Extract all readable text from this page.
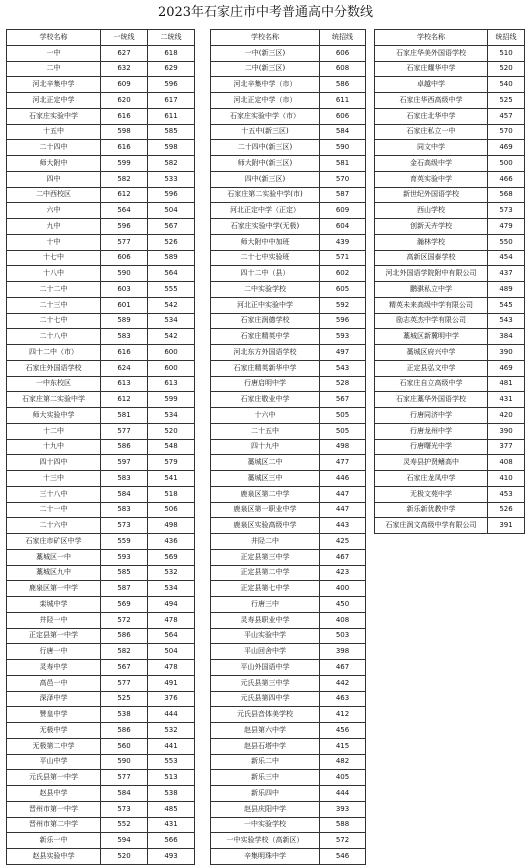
2023年石家庄市中考普通高中分数线
学校名称	一统线	二统线
一中	627	618
二中	632	629
河北辛集中学	609	596
河北正定中学	620	617
石家庄实验中学	616	611
十五中	598	585
二十四中	616	598
师大附中	599	582
四中	582	533
二中西校区	612	596
六中	564	504
九中	596	567
十中	577	526
十七中	606	589
十八中	590	564
二十二中	603	555
二十三中	601	542
二十七中	589	534
二十八中	583	542
四十二中（市）	616	600
石家庄外国语学校	624	600
一中东校区	613	613
石家庄第二实验中学	612	599
师大实验中学	581	534
十二中	577	520
十九中	586	548
四十四中	597	579
十三中	583	541
三十八中	584	518
二十一中	583	506
二十六中	573	498
石家庄市矿区中学	559	436
藁城区一中	593	569
藁城区九中	585	532
鹿泉区第一中学	587	534
栾城中学	569	494
井陉一中	572	478
正定县第一中学	586	564
行唐一中	582	504
灵寿中学	567	478
高邑一中	577	491
深泽中学	525	376
赞皇中学	538	444
无极中学	586	532
无极第二中学	560	441
平山中学	590	553
元氏县第一中学	577	513
赵县中学	584	538
晋州市第一中学	573	485
晋州市第二中学	552	431
新乐一中	594	566
赵县实验中学	520	493
学校名称	统招线
一中(新三区)	606
二中(新三区)	608
河北辛集中学（市）	586
河北正定中学（市）	611
石家庄实验中学（市）	606
十五中(新三区)	584
二十四中(新三区)	590
师大附中(新三区)	581
四中(新三区)	570
石家庄第二实验中学(市)	587
河北正定中学（正定）	609
石家庄实验中学(无极)	604
师大附中中加班	439
二十七中实验班	571
四十二中（县）	602
二中实验学校	605
河北正中实验中学	592
石家庄润德学校	596
石家庄精英中学	593
河北东方外国语学校	497
石家庄精英新华中学	543
行唐启明中学	528
石家庄敬业中学	567
十六中	505
二十五中	505
四十九中	498
藁城区二中	477
藁城区三中	446
鹿泉区第二中学	447
鹿泉区第一职业中学	447
鹿泉区实验高级中学	443
井陉二中	425
正定县第三中学	467
正定县第二中学	423
正定县第七中学	400
行唐三中	450
灵寿县职业中学	408
平山实验中学	503
平山回舍中学	398
平山外国语中学	467
元氏县第三中学	442
元氏县第四中学	463
元氏县音体美学校	412
赵县第六中学	456
赵县石塔中学	415
新乐二中	482
新乐三中	405
新乐四中	444
赵县庆阳中学	393
一中实验学校	588
一中实验学校（高新区）	572
辛集明珠中学	546
学校名称	统招线
石家庄华美外国语学校	510
石家庄耀华中学	520
卓越中学	540
石家庄华西高级中学	525
石家庄北华中学	457
石家庄私立一中	570
同文中学	469
金石高级中学	500
育英实验中学	466
新世纪外国语学校	568
西山学校	573
创新天卉学校	479
瀚林学校	550
高新区国泰学校	454
河北外国语学院附中有限公司	437
鹏骐私立中学	489
精英未来高级中学有限公司	545
励志英杰中学有限公司	543
藁城区新冀明中学	384
藁城区府兴中学	390
正定县弘文中学	469
石家庄自立高级中学	481
石家庄藁华外国语学校	431
行唐同济中学	420
行唐龙州中学	390
行唐曙光中学	377
灵寿县护贤鳍高中	408
石家庄龙凤中学	410
无极文苑中学	453
新乐新优教中学	526
石家庄润文高级中学有限公司	391
